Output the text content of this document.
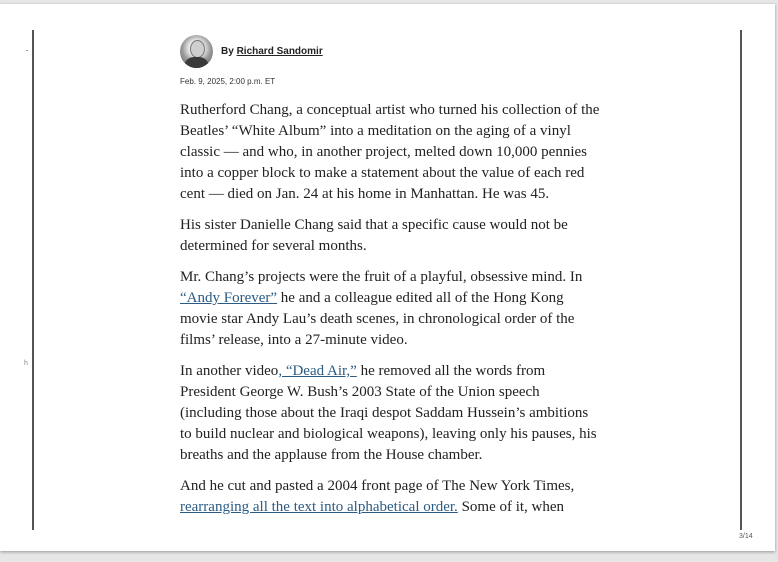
h
By Richard Sandomir
Feb. 9, 2025, 2:00 p.m. ET

Rutherford Chang, a conceptual artist who turned his collection of the Beatles’ “White Album” into a meditation on the aging of a vinyl classic — and who, in another project, melted down 10,000 pennies into a copper block to make a statement about the value of each red cent — died on Jan. 24 at his home in Manhattan. He was 45.

His sister Danielle Chang said that a specific cause would not be determined for several months.

Mr. Chang’s projects were the fruit of a playful, obsessive mind. In “Andy Forever” he and a colleague edited all of the Hong Kong movie star Andy Lau’s death scenes, in chronological order of the films’ release, into a 27-minute video.

In another video, “Dead Air,” he removed all the words from President George W. Bush’s 2003 State of the Union speech (including those about the Iraqi despot Saddam Hussein’s ambitions to build nuclear and biological weapons), leaving only his pauses, his breaths and the applause from the House chamber.

And he cut and pasted a 2004 front page of The New York Times, rearranging all the text into alphabetical order. Some of it, when

3/14
